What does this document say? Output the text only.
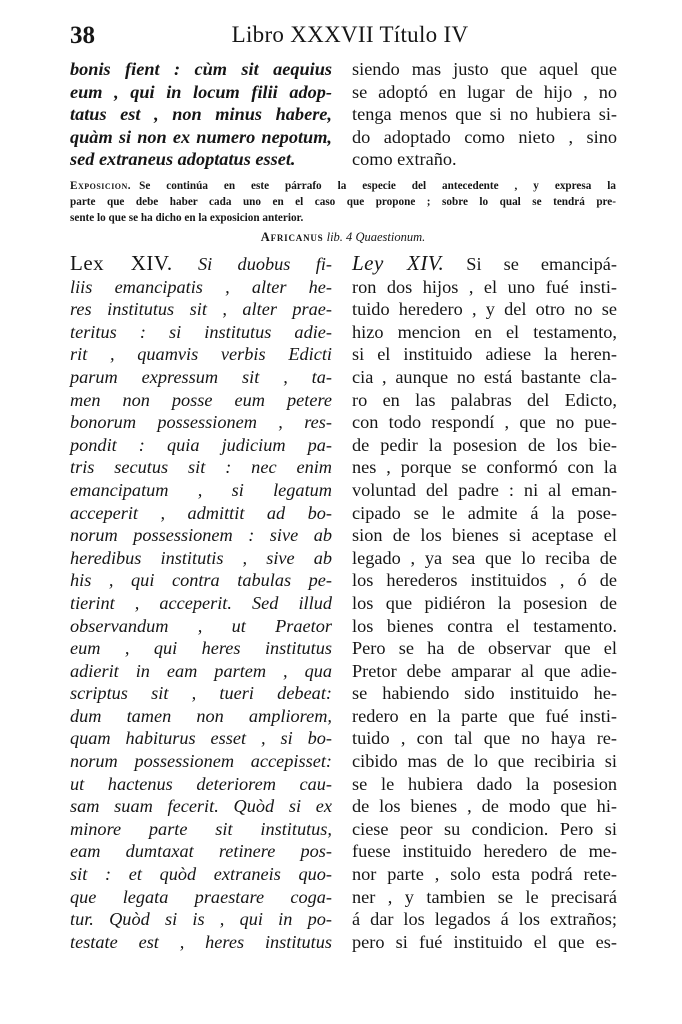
38	Libro XXXVII Título IV
bonis fient : cùm sit aequius
eum , qui in locum filii adop-
tatus est , non minus habere,
quàm si non ex numero nepotum,
sed extraneus adoptatus esset.
siendo mas justo que aquel que
se adoptó en lugar de hijo , no
tenga menos que si no hubiera si-
do adoptado como nieto , sino
como extraño.
Exposicion. Se continúa en este párrafo la especie del antecedente , y expresa la
parte que debe haber cada uno en el caso que propone ; sobre lo qual se tendrá pre-
sente lo que se ha dicho en la exposicion anterior.
Africanus lib. 4 Quaestionum.
Lex XIV. Si duobus fi-
liis emancipatis , alter he-
res institutus sit , alter prae-
teritus : si institutus adie-
rit , quamvis verbis Edicti
parum expressum sit , ta-
men non posse eum petere
bonorum possessionem , res-
pondit : quia judicium pa-
tris secutus sit : nec enim
emancipatum , si legatum
acceperit , admittit ad bo-
norum possessionem : sive ab
heredibus institutis , sive ab
his , qui contra tabulas pe-
tierint , acceperit. Sed illud
observandum , ut Praetor
eum , qui heres institutus
adierit in eam partem , qua
scriptus sit , tueri debeat:
dum tamen non ampliorem,
quam habiturus esset , si bo-
norum possessionem accepisset:
ut hactenus deteriorem cau-
sam suam fecerit. Quòd si ex
minore parte sit institutus,
eam dumtaxat retinere pos-
sit : et quòd extraneis quo-
que legata praestare coga-
tur. Quòd si is , qui in po-
testate est , heres institutus
Ley XIV. Si se emancipá-
ron dos hijos , el uno fué insti-
tuido heredero , y del otro no se
hizo mencion en el testamento,
si el instituido adiese la heren-
cia , aunque no está bastante cla-
ro en las palabras del Edicto,
con todo respondí , que no pue-
de pedir la posesion de los bie-
nes , porque se conformó con la
voluntad del padre : ni al eman-
cipado se le admite á la pose-
sion de los bienes si aceptase el
legado , ya sea que lo reciba de
los herederos instituidos , ó de
los que pidiéron la posesion de
los bienes contra el testamento.
Pero se ha de observar que el
Pretor debe amparar al que adie-
se habiendo sido instituido he-
redero en la parte que fué insti-
tuido , con tal que no haya re-
cibido mas de lo que recibiria si
se le hubiera dado la posesion
de los bienes , de modo que hi-
ciese peor su condicion. Pero si
fuese instituido heredero de me-
nor parte , solo esta podrá rete-
ner , y tambien se le precisará
á dar los legados á los extraños;
pero si fué instituido el que es-
